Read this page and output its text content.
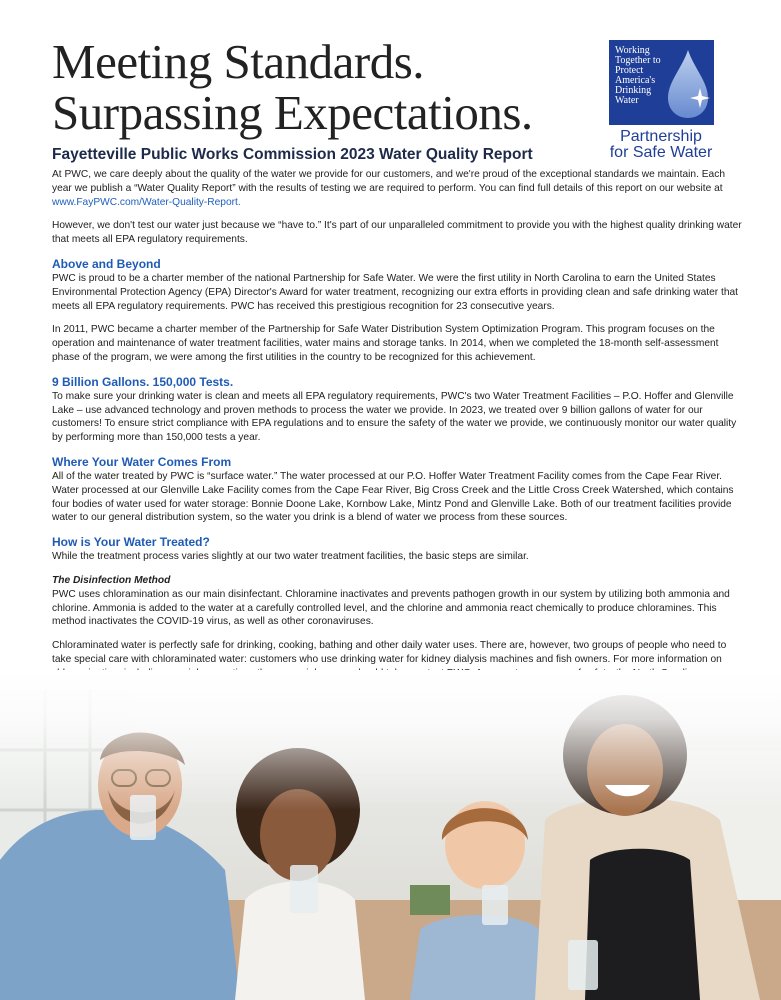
Meeting Standards.
Surpassing Expectations.
Fayetteville Public Works Commission 2023 Water Quality Report
Working
Together to
Protect
America's
Drinking
Water
Partnership
for Safe Water

At PWC, we care deeply about the quality of the water we provide for our customers, and we're proud of the exceptional standards we maintain. Each year we publish a “Water Quality Report” with the results of testing we are required to perform. You can find full details of this report on our website at www.FayPWC.com/Water-Quality-Report.

However, we don't test our water just because we “have to.” It's part of our unparalleled commitment to provide you with the highest quality drinking water that meets all EPA regulatory requirements.

Above and Beyond

PWC is proud to be a charter member of the national Partnership for Safe Water. We were the first utility in North Carolina to earn the United States Environmental Protection Agency (EPA) Director's Award for water treatment, recognizing our extra efforts in providing clean and safe drinking water that meets all EPA regulatory requirements. PWC has received this prestigious recognition for 23 consecutive years.

In 2011, PWC became a charter member of the Partnership for Safe Water Distribution System Optimization Program. This program focuses on the operation and maintenance of water treatment facilities, water mains and storage tanks. In 2014, when we completed the 18-month self-assessment phase of the program, we were among the first utilities in the country to be recognized for this achievement.

9 Billion Gallons. 150,000 Tests.

To make sure your drinking water is clean and meets all EPA regulatory requirements, PWC's two Water Treatment Facilities – P.O. Hoffer and Glenville Lake – use advanced technology and proven methods to process the water we provide. In 2023, we treated over 9 billion gallons of water for our customers! To ensure strict compliance with EPA regulations and to ensure the safety of the water we provide, we continuously monitor our water quality by performing more than 150,000 tests a year.

Where Your Water Comes From

All of the water treated by PWC is “surface water.” The water processed at our P.O. Hoffer Water Treatment Facility comes from the Cape Fear River. Water processed at our Glenville Lake Facility comes from the Cape Fear River, Big Cross Creek and the Little Cross Creek Watershed, which contains four bodies of water used for water storage: Bonnie Doone Lake, Kornbow Lake, Mintz Pond and Glenville Lake. Both of our treatment facilities provide water to our general distribution system, so the water you drink is a blend of water we process from these sources.

How is Your Water Treated?

While the treatment process varies slightly at our two water treatment facilities, the basic steps are similar.

The Disinfection Method

PWC uses chloramination as our main disinfectant. Chloramine inactivates and prevents pathogen growth in our system by utilizing both ammonia and chlorine. Ammonia is added to the water at a carefully controlled level, and the chlorine and ammonia react chemically to produce chloramines. This method inactivates the COVID-19 virus, as well as other coronaviruses.

Chloraminated water is perfectly safe for drinking, cooking, bathing and other daily water uses. There are, however, two groups of people who need to take special care with chloraminated water: customers who use drinking water for kidney dialysis machines and fish owners. For more information on
